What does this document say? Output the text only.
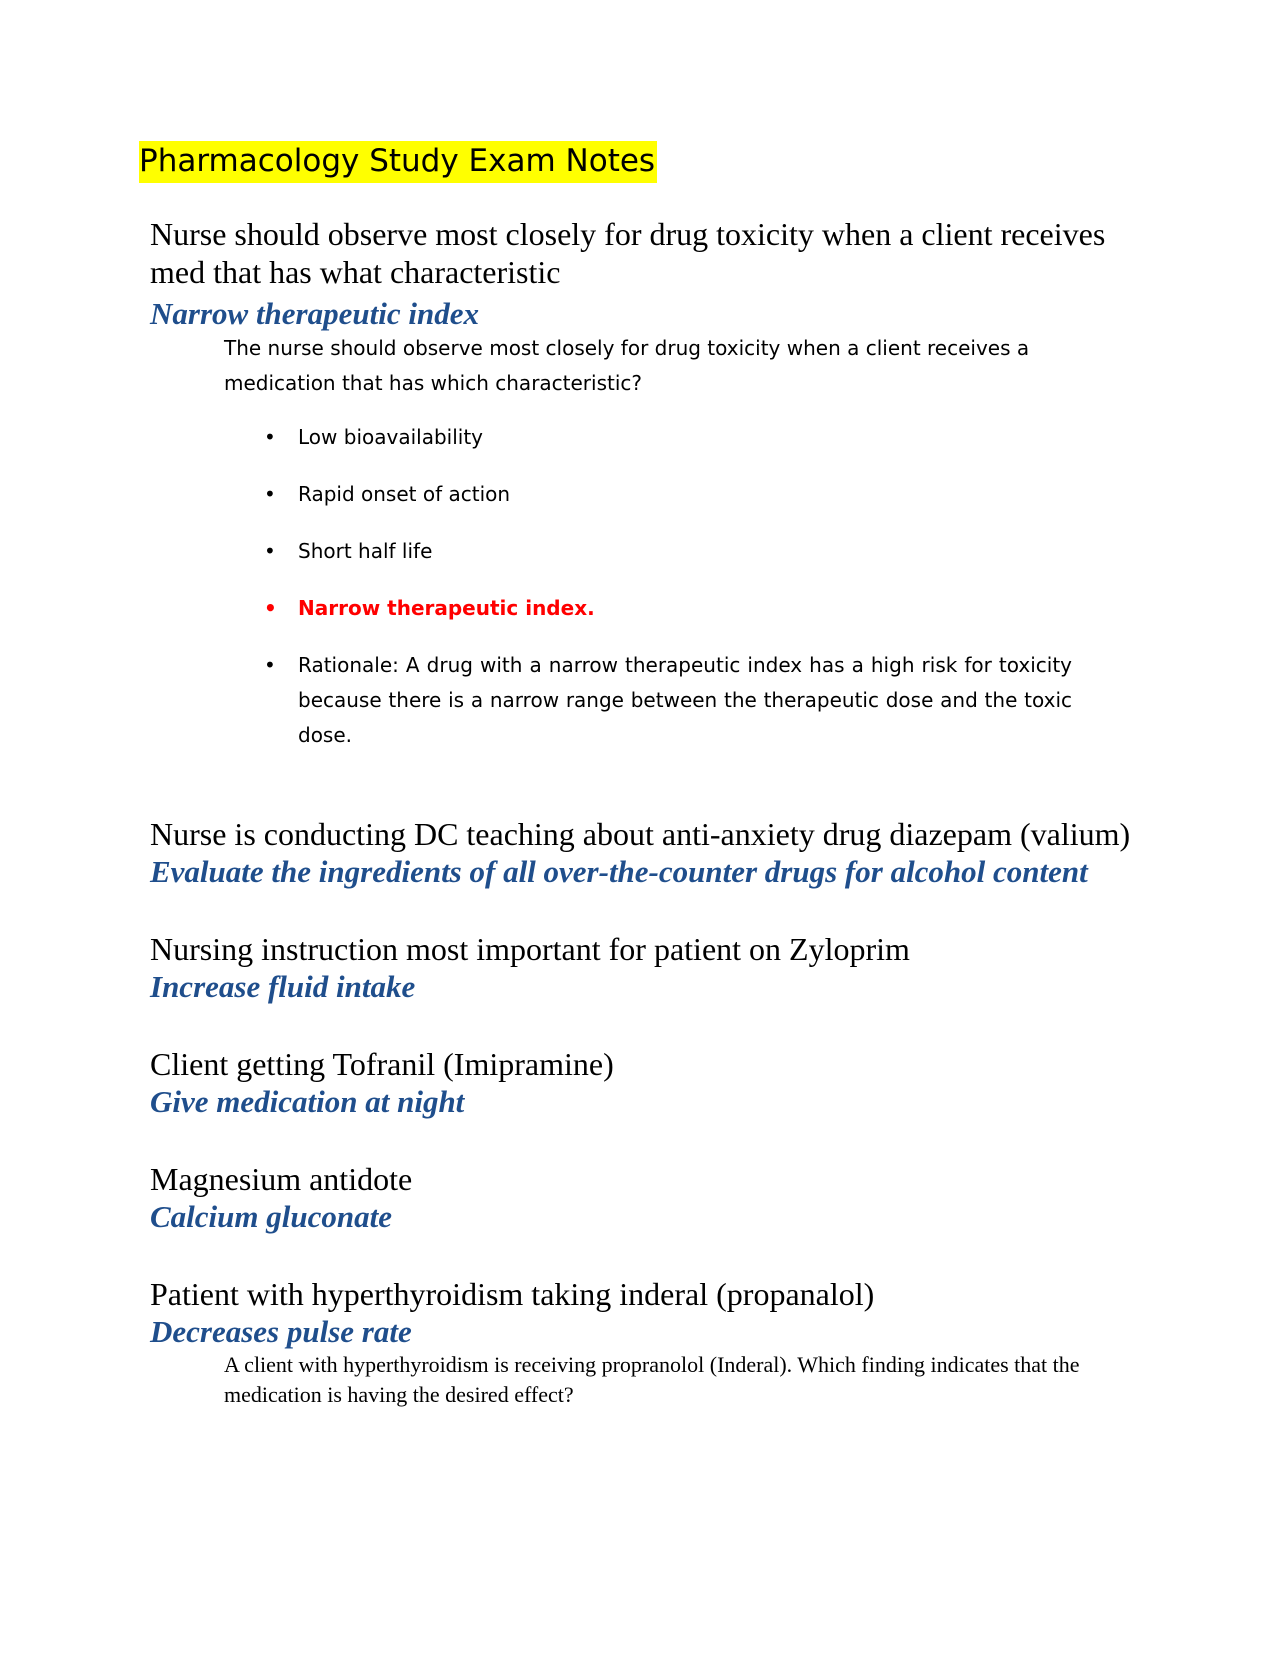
Pharmacology Study Exam Notes
Nurse should observe most closely for drug toxicity when a client receives med that has what characteristic
Narrow therapeutic index
The nurse should observe most closely for drug toxicity when a client receives a medication that has which characteristic?
• Low bioavailability
• Rapid onset of action
• Short half life
• Narrow therapeutic index.
• Rationale: A drug with a narrow therapeutic index has a high risk for toxicity because there is a narrow range between the therapeutic dose and the toxic dose.
Nurse is conducting DC teaching about anti-anxiety drug diazepam (valium)
Evaluate the ingredients of all over-the-counter drugs for alcohol content
Nursing instruction most important for patient on Zyloprim
Increase fluid intake
Client getting Tofranil (Imipramine)
Give medication at night
Magnesium antidote
Calcium gluconate
Patient with hyperthyroidism taking inderal (propanalol)
Decreases pulse rate
A client with hyperthyroidism is receiving propranolol (Inderal). Which finding indicates that the medication is having the desired effect?
